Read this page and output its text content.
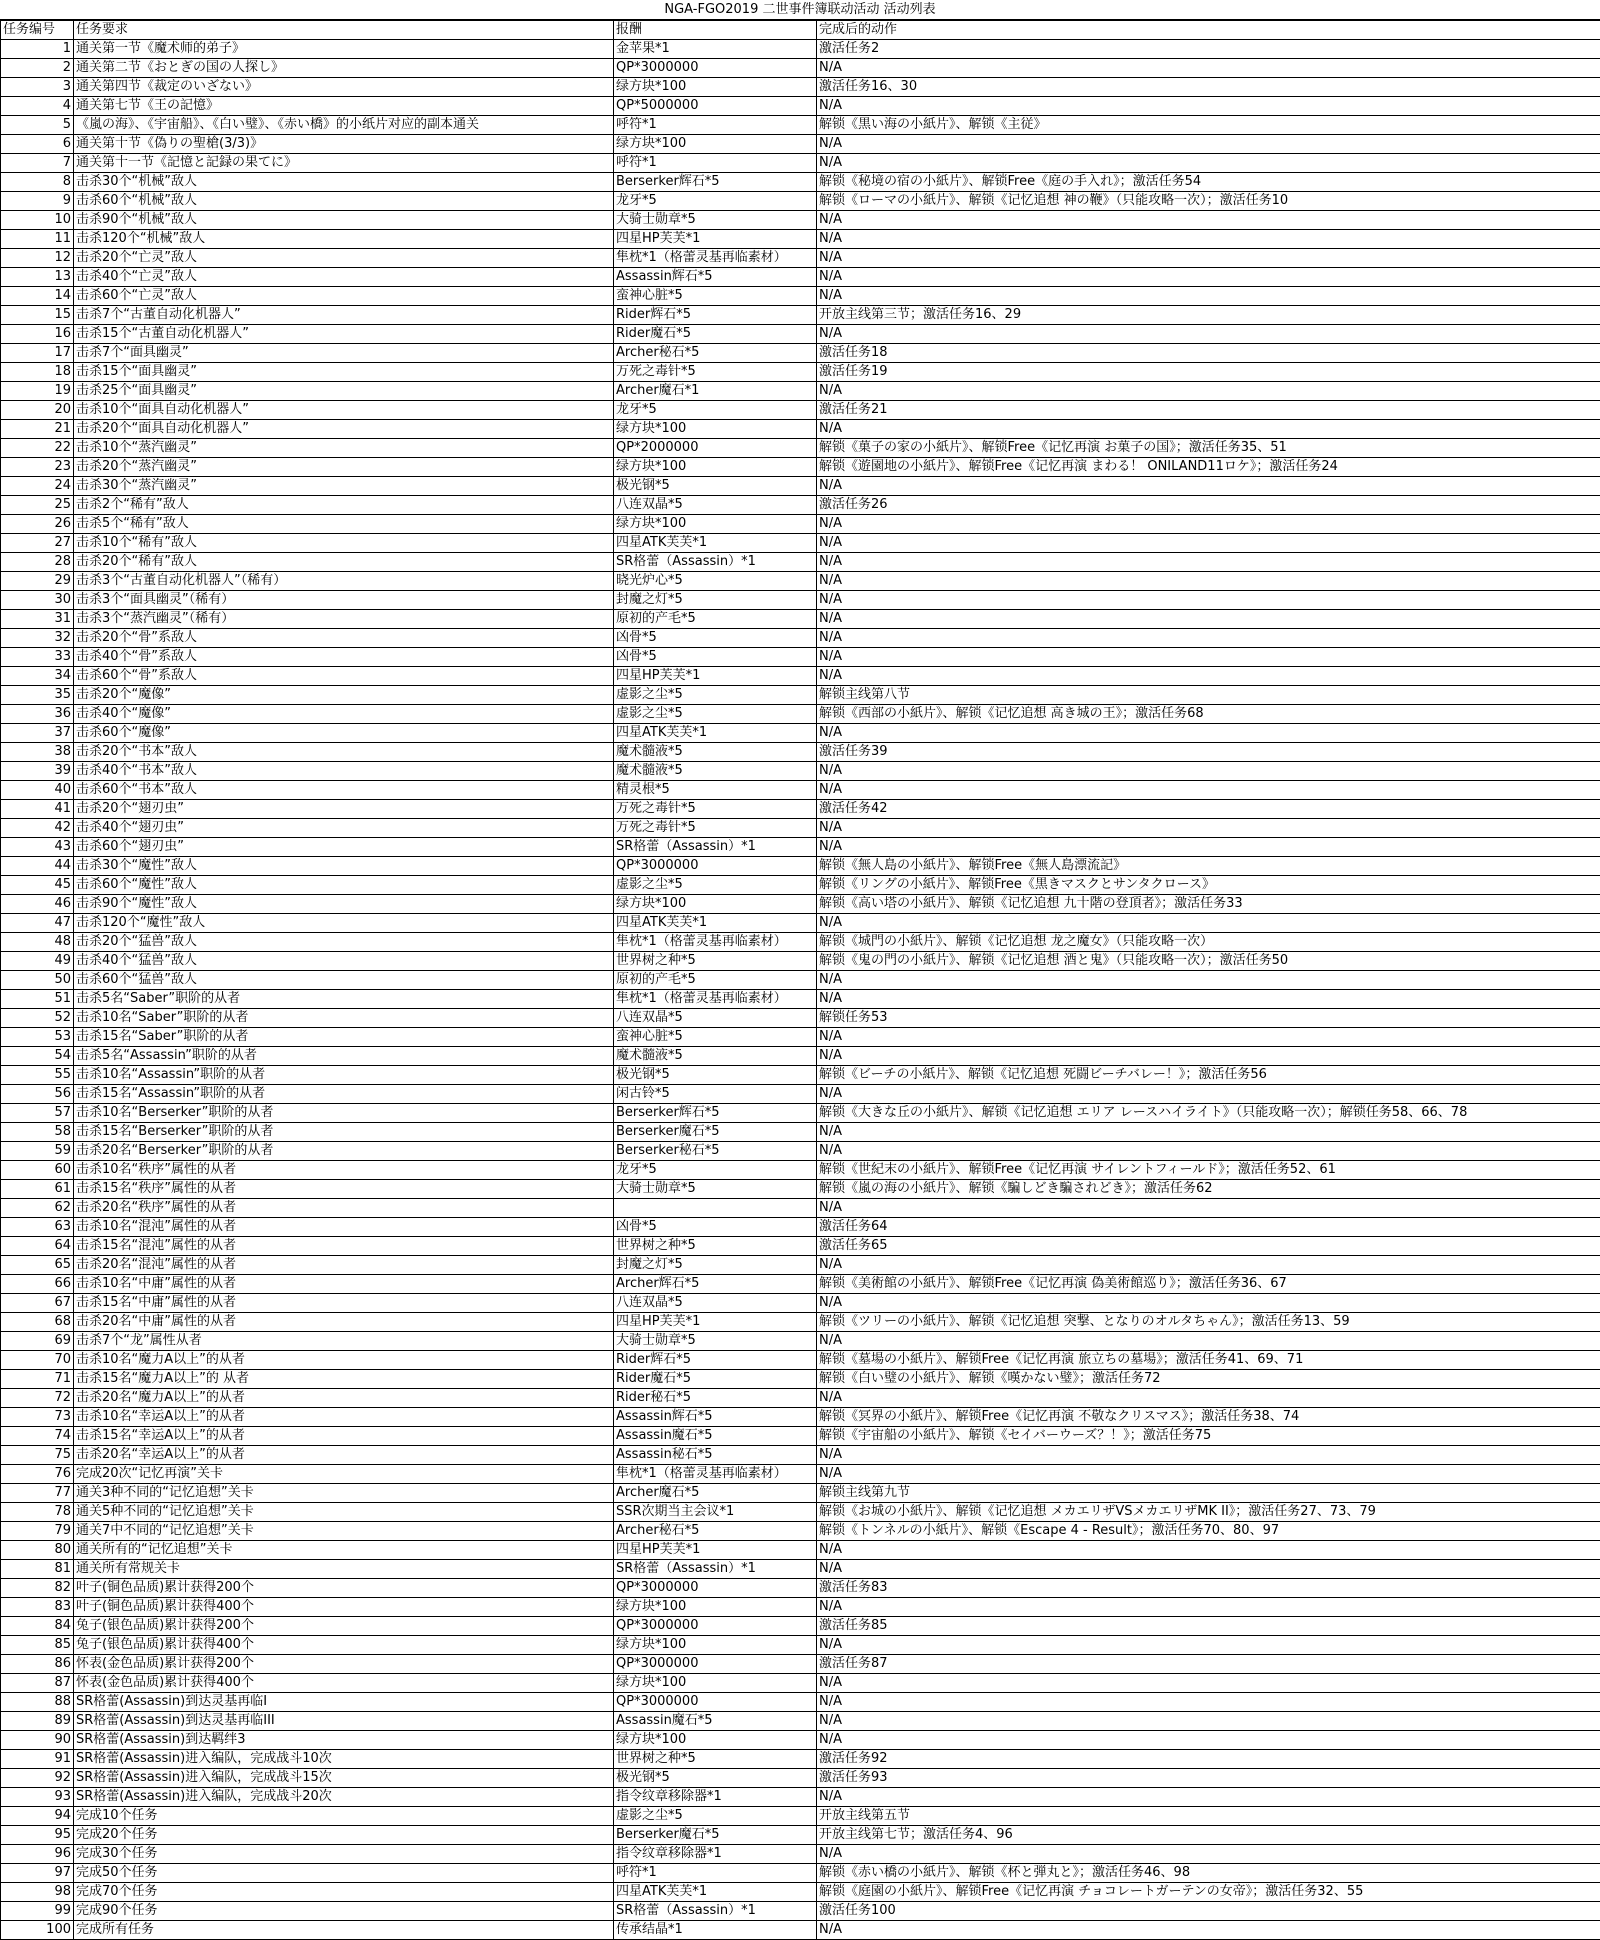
NGA-FGO2019 二世事件簿联动活动 活动列表
任务编号	任务要求	报酬	完成后的动作
1	通关第一节《魔术师的弟子》	金苹果*1	激活任务2
2	通关第二节《おとぎの国の人探し》	QP*3000000	N/A
3	通关第四节《裁定のいざない》	绿方块*100	激活任务16、30
4	通关第七节《王の記憶》	QP*5000000	N/A
5	《嵐の海》、《宇宙船》、《白い璧》、《赤い橋》的小纸片对应的副本通关	呼符*1	解锁《黒い海の小紙片》、解锁《主従》
6	通关第十节《偽りの聖槍(3/3)》	绿方块*100	N/A
7	通关第十一节《記憶と記録の果てに》	呼符*1	N/A
8	击杀30个“机械”敌人	Berserker辉石*5	解锁《秘境の宿の小紙片》、解锁Free《庭の手入れ》；激活任务54
9	击杀60个“机械”敌人	龙牙*5	解锁《ローマの小紙片》、解锁《记忆追想 神の鞭》（只能攻略一次）；激活任务10
10	击杀90个“机械”敌人	大骑士勋章*5	N/A
11	击杀120个“机械”敌人	四星HP芙芙*1	N/A
12	击杀20个“亡灵”敌人	隼枕*1（格蕾灵基再临素材）	N/A
13	击杀40个“亡灵”敌人	Assassin辉石*5	N/A
14	击杀60个“亡灵”敌人	蛮神心脏*5	N/A
15	击杀7个“古董自动化机器人”	Rider辉石*5	开放主线第三节；激活任务16、29
16	击杀15个“古董自动化机器人”	Rider魔石*5	N/A
17	击杀7个“面具幽灵”	Archer秘石*5	激活任务18
18	击杀15个“面具幽灵”	万死之毒针*5	激活任务19
19	击杀25个“面具幽灵”	Archer魔石*1	N/A
20	击杀10个“面具自动化机器人”	龙牙*5	激活任务21
21	击杀20个“面具自动化机器人”	绿方块*100	N/A
22	击杀10个“蒸汽幽灵”	QP*2000000	解锁《菓子の家の小紙片》、解锁Free《记忆再演 お菓子の国》；激活任务35、51
23	击杀20个“蒸汽幽灵”	绿方块*100	解锁《遊園地の小紙片》、解锁Free《记忆再演 まわる！ ONILAND11ロケ》；激活任务24
24	击杀30个“蒸汽幽灵”	极光钢*5	N/A
25	击杀2个“稀有”敌人	八连双晶*5	激活任务26
26	击杀5个“稀有”敌人	绿方块*100	N/A
27	击杀10个“稀有”敌人	四星ATK芙芙*1	N/A
28	击杀20个“稀有”敌人	SR格蕾（Assassin）*1	N/A
29	击杀3个“古董自动化机器人”（稀有）	晓光炉心*5	N/A
30	击杀3个“面具幽灵”（稀有）	封魔之灯*5	N/A
31	击杀3个“蒸汽幽灵”（稀有）	原初的产毛*5	N/A
32	击杀20个“骨”系敌人	凶骨*5	N/A
33	击杀40个“骨”系敌人	凶骨*5	N/A
34	击杀60个“骨”系敌人	四星HP芙芙*1	N/A
35	击杀20个“魔像”	虚影之尘*5	解锁主线第八节
36	击杀40个“魔像”	虚影之尘*5	解锁《西部の小紙片》、解锁《记忆追想 高き城の王》；激活任务68
37	击杀60个“魔像”	四星ATK芙芙*1	N/A
38	击杀20个“书本”敌人	魔术髓液*5	激活任务39
39	击杀40个“书本”敌人	魔术髓液*5	N/A
40	击杀60个“书本”敌人	精灵根*5	N/A
41	击杀20个“翅刃虫”	万死之毒针*5	激活任务42
42	击杀40个“翅刃虫”	万死之毒针*5	N/A
43	击杀60个“翅刃虫”	SR格蕾（Assassin）*1	N/A
44	击杀30个“魔性”敌人	QP*3000000	解锁《無人島の小紙片》、解锁Free《無人島漂流記》
45	击杀60个“魔性”敌人	虚影之尘*5	解锁《リングの小紙片》、解锁Free《黒きマスクとサンタクロース》
46	击杀90个“魔性”敌人	绿方块*100	解锁《高い塔の小紙片》、解锁《记忆追想 九十階の登頂者》；激活任务33
47	击杀120个“魔性”敌人	四星ATK芙芙*1	N/A
48	击杀20个“猛兽”敌人	隼枕*1（格蕾灵基再临素材）	解锁《城門の小紙片》、解锁《记忆追想 龙之魔女》（只能攻略一次）
49	击杀40个“猛兽”敌人	世界树之种*5	解锁《鬼の門の小紙片》、解锁《记忆追想 酒と鬼》（只能攻略一次）；激活任务50
50	击杀60个“猛兽”敌人	原初的产毛*5	N/A
51	击杀5名“Saber”职阶的从者	隼枕*1（格蕾灵基再临素材）	N/A
52	击杀10名“Saber”职阶的从者	八连双晶*5	解锁任务53
53	击杀15名“Saber”职阶的从者	蛮神心脏*5	N/A
54	击杀5名“Assassin”职阶的从者	魔术髓液*5	N/A
55	击杀10名“Assassin”职阶的从者	极光钢*5	解锁《ビーチの小紙片》、解锁《记忆追想 死闘ビーチバレー！》；激活任务56
56	击杀15名“Assassin”职阶的从者	闲古铃*5	N/A
57	击杀10名“Berserker”职阶的从者	Berserker辉石*5	解锁《大きな丘の小紙片》、解锁《记忆追想 エリア レースハイライト》（只能攻略一次）；解锁任务58、66、78
58	击杀15名“Berserker”职阶的从者	Berserker魔石*5	N/A
59	击杀20名“Berserker”职阶的从者	Berserker秘石*5	N/A
60	击杀10名“秩序”属性的从者	龙牙*5	解锁《世紀末の小紙片》、解锁Free《记忆再演 サイレントフィールド》；激活任务52、61
61	击杀15名“秩序”属性的从者	大骑士勋章*5	解锁《嵐の海の小紙片》、解锁《騙しどき騙されどき》；激活任务62
62	击杀20名“秩序”属性的从者		N/A
63	击杀10名“混沌”属性的从者	凶骨*5	激活任务64
64	击杀15名“混沌”属性的从者	世界树之种*5	激活任务65
65	击杀20名“混沌”属性的从者	封魔之灯*5	N/A
66	击杀10名“中庸”属性的从者	Archer辉石*5	解锁《美術館の小紙片》、解锁Free《记忆再演 偽美術館巡り》；激活任务36、67
67	击杀15名“中庸”属性的从者	八连双晶*5	N/A
68	击杀20名“中庸”属性的从者	四星HP芙芙*1	解锁《ツリーの小紙片》、解锁《记忆追想 突撃、となりのオルタちゃん》；激活任务13、59
69	击杀7个“龙”属性从者	大骑士勋章*5	N/A
70	击杀10名“魔力A以上”的从者	Rider辉石*5	解锁《墓場の小紙片》、解锁Free《记忆再演 旅立ちの墓場》；激活任务41、69、71
71	击杀15名“魔力A以上”的 从者	Rider魔石*5	解锁《白い璧の小紙片》、解锁《嘆かない璧》；激活任务72
72	击杀20名“魔力A以上”的从者	Rider秘石*5	N/A
73	击杀10名“幸运A以上”的从者	Assassin辉石*5	解锁《冥界の小紙片》、解锁Free《记忆再演 不敬なクリスマス》；激活任务38、74
74	击杀15名“幸运A以上”的从者	Assassin魔石*5	解锁《宇宙船の小紙片》、解锁《セイバーウーズ？！》；激活任务75
75	击杀20名“幸运A以上”的从者	Assassin秘石*5	N/A
76	完成20次“记忆再演”关卡	隼枕*1（格蕾灵基再临素材）	N/A
77	通关3种不同的“记忆追想”关卡	Archer魔石*5	解锁主线第九节
78	通关5种不同的“记忆追想”关卡	SSR次期当主会议*1	解锁《お城の小紙片》、解锁《记忆追想 メカエリザVSメカエリザMK II》；激活任务27、73、79
79	通关7中不同的“记忆追想”关卡	Archer秘石*5	解锁《トンネルの小紙片》、解锁《Escape 4 - Result》；激活任务70、80、97
80	通关所有的“记忆追想”关卡	四星HP芙芙*1	N/A
81	通关所有常规关卡	SR格蕾（Assassin）*1	N/A
82	叶子(铜色品质)累计获得200个	QP*3000000	激活任务83
83	叶子(铜色品质)累计获得400个	绿方块*100	N/A
84	兔子(银色品质)累计获得200个	QP*3000000	激活任务85
85	兔子(银色品质)累计获得400个	绿方块*100	N/A
86	怀表(金色品质)累计获得200个	QP*3000000	激活任务87
87	怀表(金色品质)累计获得400个	绿方块*100	N/A
88	SR格蕾(Assassin)到达灵基再临I	QP*3000000	N/A
89	SR格蕾(Assassin)到达灵基再临III	Assassin魔石*5	N/A
90	SR格蕾(Assassin)到达羁绊3	绿方块*100	N/A
91	SR格蕾(Assassin)进入编队，完成战斗10次	世界树之种*5	激活任务92
92	SR格蕾(Assassin)进入编队，完成战斗15次	极光钢*5	激活任务93
93	SR格蕾(Assassin)进入编队，完成战斗20次	指令纹章移除器*1	N/A
94	完成10个任务	虚影之尘*5	开放主线第五节
95	完成20个任务	Berserker魔石*5	开放主线第七节；激活任务4、96
96	完成30个任务	指令纹章移除器*1	N/A
97	完成50个任务	呼符*1	解锁《赤い橋の小紙片》、解锁《杯と弾丸と》；激活任务46、98
98	完成70个任务	四星ATK芙芙*1	解锁《庭園の小紙片》、解锁Free《记忆再演 チョコレートガーテンの女帝》；激活任务32、55
99	完成90个任务	SR格蕾（Assassin）*1	激活任务100
100	完成所有任务	传承结晶*1	N/A
